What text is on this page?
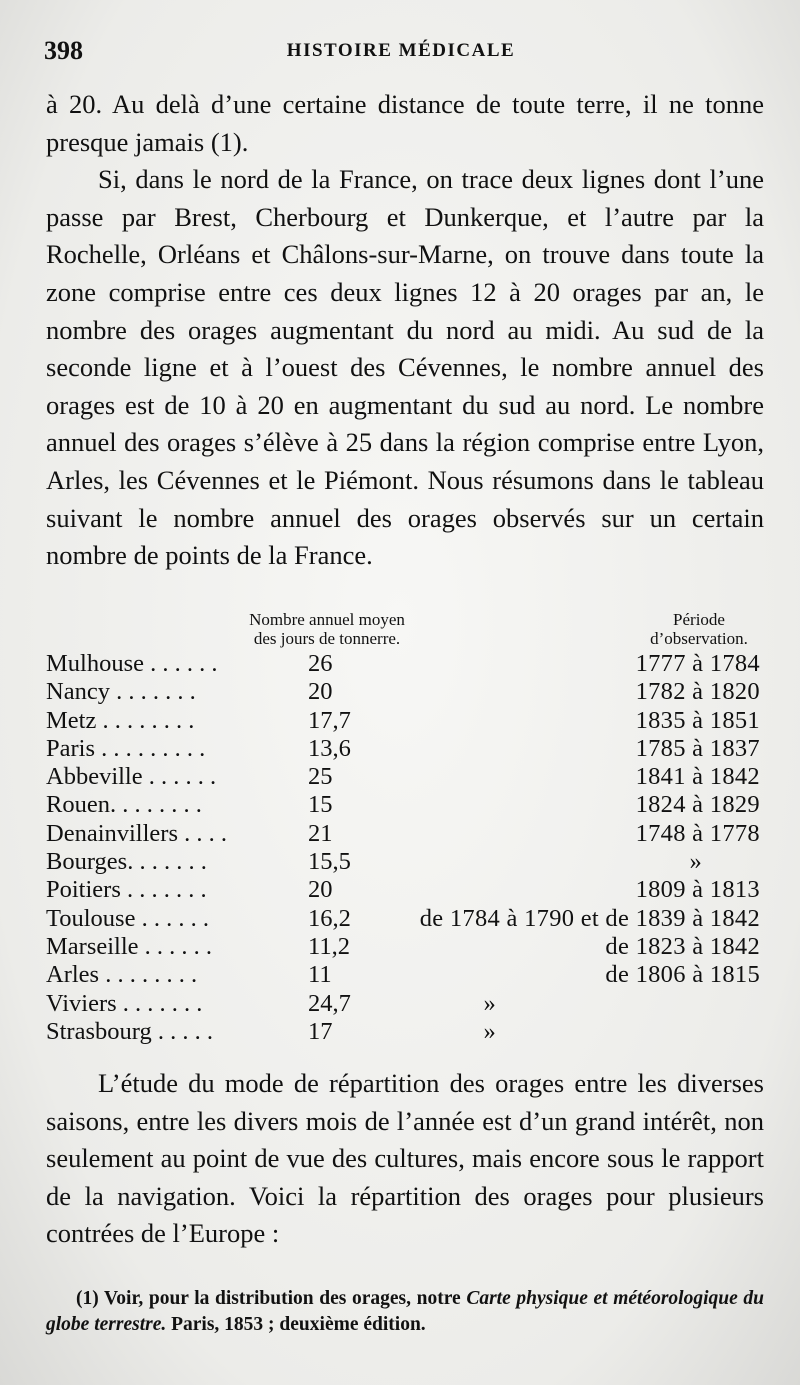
398	HISTOIRE MÉDICALE

à 20. Au delà d’une certaine distance de toute terre, il ne tonne presque jamais (1).

Si, dans le nord de la France, on trace deux lignes dont l’une passe par Brest, Cherbourg et Dunkerque, et l’autre par la Rochelle, Orléans et Châlons-sur-Marne, on trouve dans toute la zone comprise entre ces deux lignes 12 à 20 orages par an, le nombre des orages augmentant du nord au midi. Au sud de la seconde ligne et à l’ouest des Cévennes, le nombre annuel des orages est de 10 à 20 en augmentant du sud au nord. Le nombre annuel des orages s’élève à 25 dans la région comprise entre Lyon, Arles, les Cévennes et le Piémont. Nous résumons dans le tableau suivant le nombre annuel des orages observés sur un certain nombre de points de la France.

Nombre annuel moyen
des jours de tonnerre.
Période
d’observation.
Mulhouse . . . . . .	26	1777 à 1784
Nancy . . . . . . .	20	1782 à 1820
Metz . . . . . . . .	17,7	1835 à 1851
Paris . . . . . . . . .	13,6	1785 à 1837
Abbeville . . . . . .	25	1841 à 1842
Rouen. . . . . . . .	15	1824 à 1829
Denainvillers . . . .	21	1748 à 1778
Bourges. . . . . . .	15,5	»
Poitiers . . . . . . .	20	1809 à 1813
Toulouse . . . . . .	16,2	de 1784 à 1790 et de 1839 à 1842
Marseille . . . . . .	11,2	de 1823 à 1842
Arles . . . . . . . .	11	de 1806 à 1815
Viviers . . . . . . .	24,7	»
Strasbourg . . . . .	17	»

L’étude du mode de répartition des orages entre les diverses saisons, entre les divers mois de l’année est d’un grand intérêt, non seulement au point de vue des cultures, mais encore sous le rapport de la navigation. Voici la répartition des orages pour plusieurs contrées de l’Europe :

(1) Voir, pour la distribution des orages, notre Carte physique et météorologique du globe terrestre. Paris, 1853 ; deuxième édition.
